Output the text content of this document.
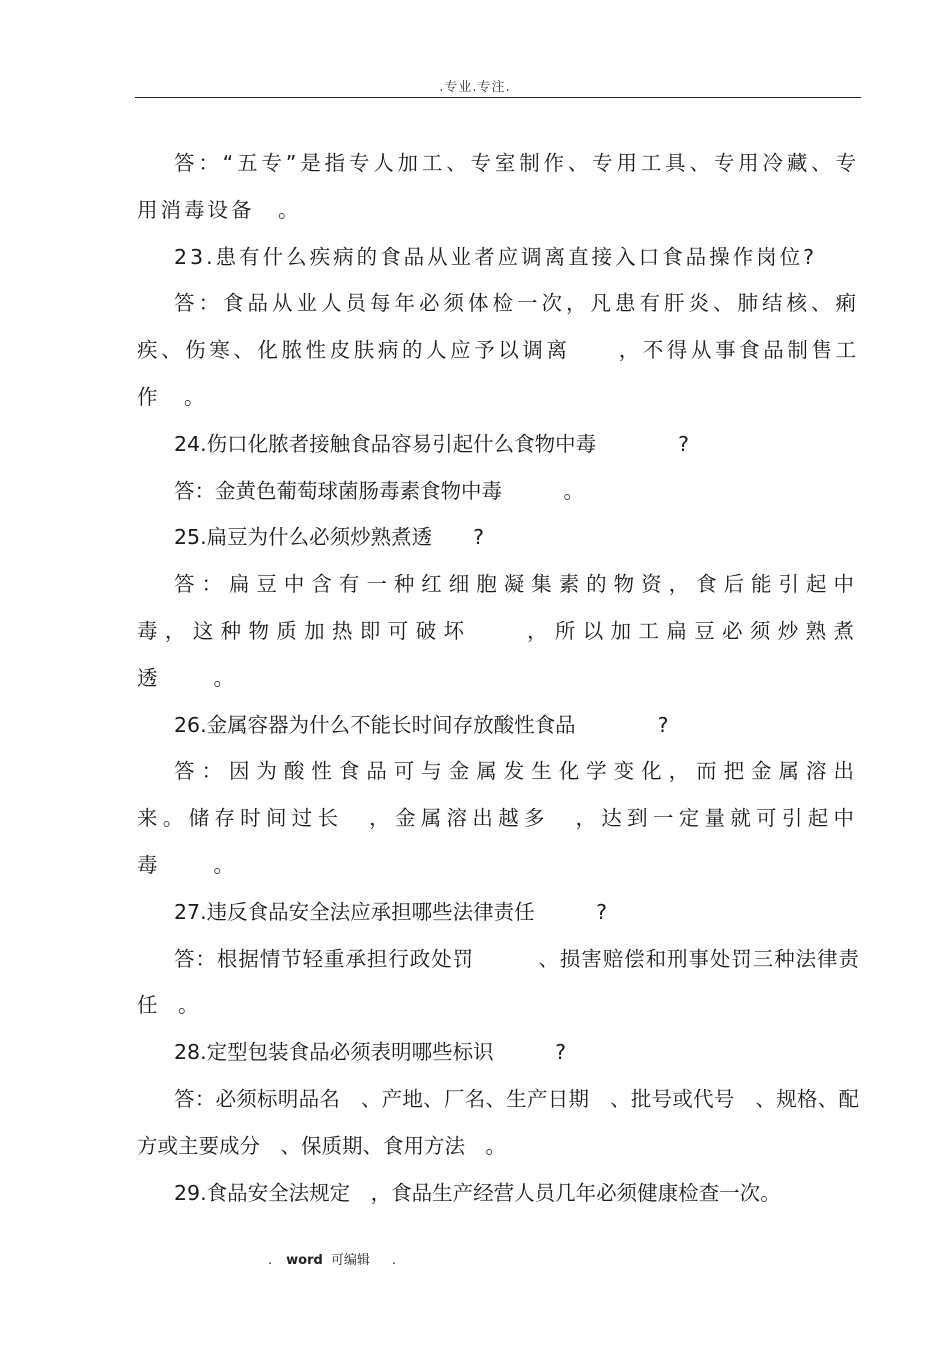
.专业.专注.

答：“五专”是指专人加工、专室制作、专用工具、专用冷藏、专用消毒设备　。

23.患有什么疾病的食品从业者应调离直接入口食品操作岗位?

答：食品从业人员每年必须体检一次，凡患有肝炎、肺结核、痢疾、伤寒、化脓性皮肤病的人应予以调离　　，不得从事食品制售工作　。

24.伤口化脓者接触食品容易引起什么食物中毒　　　　?

答：金黄色葡萄球菌肠毒素食物中毒　　　。

25.扁豆为什么必须炒熟煮透　　?

答：扁豆中含有一种红细胞凝集素的物资，食后能引起中毒，这种物质加热即可破坏　　，所以加工扁豆必须炒熟煮透　　。

26.金属容器为什么不能长时间存放酸性食品　　　　?

答：因为酸性食品可与金属发生化学变化，而把金属溶出来。储存时间过长　，金属溶出越多　，达到一定量就可引起中毒　　。

27.违反食品安全法应承担哪些法律责任　　　?

答：根据情节轻重承担行政处罚　　　、损害赔偿和刑事处罚三种法律责任　。

28.定型包装食品必须表明哪些标识　　　?

答：必须标明品名　、产地、厂名、生产日期　、批号或代号　、规格、配方或主要成分　、保质期、食用方法　。

29.食品安全法规定　，食品生产经营人员几年必须健康检查一次。

. word 可编辑 .
